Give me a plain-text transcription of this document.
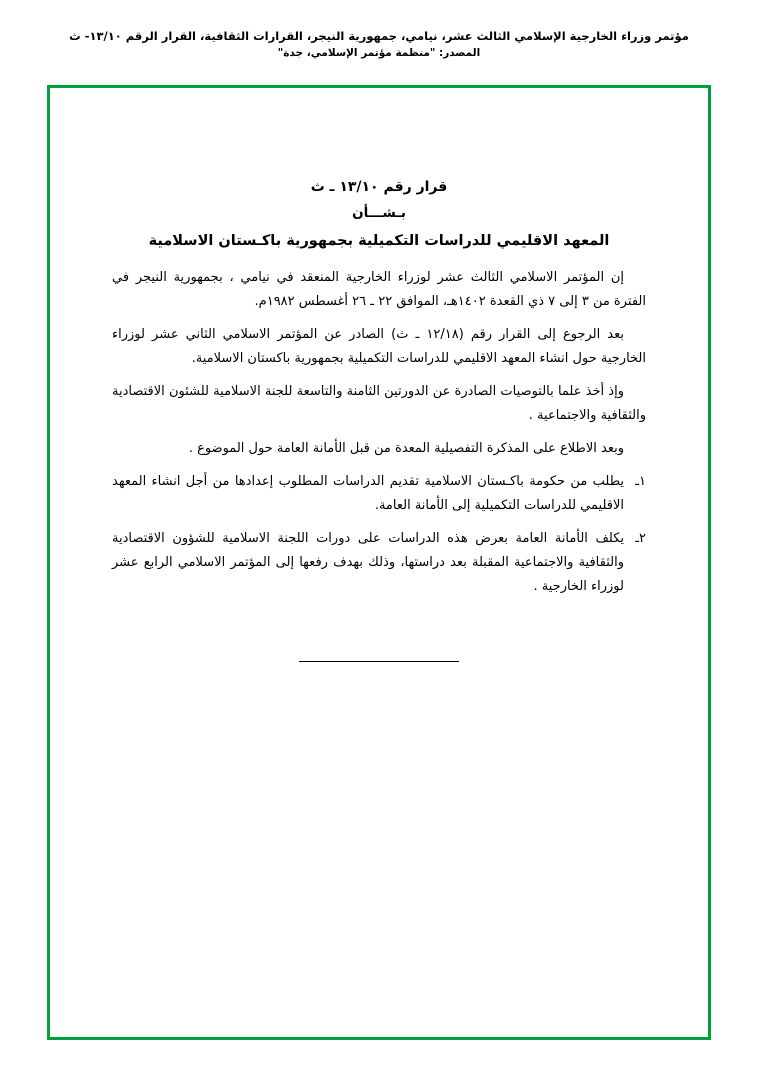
مؤتمر وزراء الخارجية الإسلامي الثالث عشر، نيامي، جمهورية النيجر، القرارات الثقافية، القرار الرقم ١٣/١٠- ث
المصدر: "منظمة مؤتمر الإسلامي، جدة"
قرار رقم ١٣/١٠ ـ ث
بـشـــأن
المعهد الاقليمي للدراسات التكميلية بجمهورية باكـستان الاسلامية

إن المؤتمر الاسلامي الثالث عشر لوزراء الخارجية المنعقد في نيامي ، بجمهورية النيجر في الفترة من ٣ إلى ٧ ذي القعدة ١٤٠٢هـ، الموافق ٢٢ ـ ٢٦ أغسطس ١٩٨٢م.

بعد الرجوع إلى القرار رقم (١٢/١٨ ـ ث) الصادر عن المؤتمر الاسلامي الثاني عشر لوزراء الخارجية حول انشاء المعهد الاقليمي للدراسات التكميلية بجمهورية باكستان الاسلامية.

وإذ أخذ علما بالتوصيات الصادرة عن الدورتين الثامنة والتاسعة للجنة الاسلامية للشئون الاقتصادية والثقافية والاجتماعية .

وبعد الاطلاع على المذكرة التفصيلية المعدة من قبل الأمانة العامة حول الموضوع .

١ـ
يطلب من حكومة باكـستان الاسلامية تقديم الدراسات المطلوب إعدادها من أجل انشاء المعهد الاقليمي للدراسات التكميلية إلى الأمانة العامة.
٢ـ
يكلف الأمانة العامة بعرض هذه الدراسات على دورات اللجنة الاسلامية للشؤون الاقتصادية والثقافية والاجتماعية المقبلة بعد دراستها، وذلك بهدف رفعها إلى المؤتمر الاسلامي الرابع عشر لوزراء الخارجية .
